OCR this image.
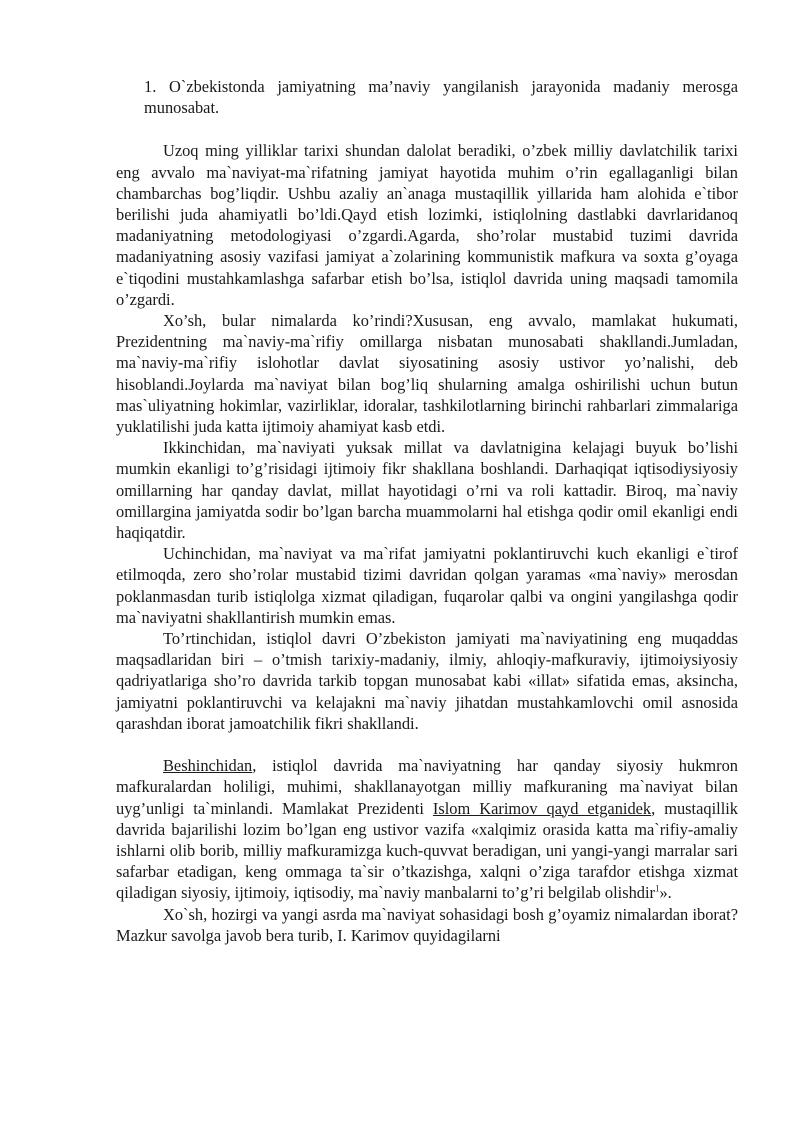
1. O`zbekistonda jamiyatning ma’naviy yangilanish jarayonida madaniy merosga munosabat.

Uzoq ming yilliklar tarixi shundan dalolat beradiki, o’zbek milliy davlatchilik tarixi eng avvalo ma`naviyat-ma`rifatning jamiyat hayotida muhim o’rin egallaganligi bilan chambarchas bog’liqdir. Ushbu azaliy an`anaga mustaqillik yillarida ham alohida e`tibor berilishi juda ahamiyatli bo’ldi.Qayd etish lozimki, istiqlolning dastlabki davrlaridanoq madaniyatning metodologiyasi o’zgardi.Agarda, sho’rolar mustabid tuzimi davrida madaniyatning asosiy vazifasi jamiyat a`zolarining kommunistik mafkura va soxta g’oyaga e`tiqodini mustahkamlashga safarbar etish bo’lsa, istiqlol davrida uning maqsadi tamomila o’zgardi.

Xo’sh, bular nimalarda ko’rindi?Xususan, eng avvalo, mamlakat hukumati, Prezidentning ma`naviy-ma`rifiy omillarga nisbatan munosabati shakllandi.Jumladan, ma`naviy-ma`rifiy islohotlar davlat siyosatining asosiy ustivor yo’nalishi, deb hisoblandi.Joylarda ma`naviyat bilan bog’liq shularning amalga oshirilishi uchun butun mas`uliyatning hokimlar, vazirliklar, idoralar, tashkilotlarning birinchi rahbarlari zimmalariga yuklatilishi juda katta ijtimoiy ahamiyat kasb etdi.

Ikkinchidan, ma`naviyati yuksak millat va davlatnigina kelajagi buyuk bo’lishi mumkin ekanligi to’g’risidagi ijtimoiy fikr shakllana boshlandi. Darhaqiqat iqtisodiysiyosiy omillarning har qanday davlat, millat hayotidagi o’rni va roli kattadir. Biroq, ma`naviy omillargina jamiyatda sodir bo’lgan barcha muammolarni hal etishga qodir omil ekanligi endi haqiqatdir.

Uchinchidan, ma`naviyat va ma`rifat jamiyatni poklantiruvchi kuch ekanligi e`tirof etilmoqda, zero sho’rolar mustabid tizimi davridan qolgan yaramas «ma`naviy» merosdan poklanmasdan turib istiqlolga xizmat qiladigan, fuqarolar qalbi va ongini yangilashga qodir ma`naviyatni shakllantirish mumkin emas.

To’rtinchidan, istiqlol davri O’zbekiston jamiyati ma`naviyatining eng muqaddas maqsadlaridan biri – o’tmish tarixiy-madaniy, ilmiy, ahloqiy-mafkuraviy, ijtimoiysiyosiy qadriyatlariga sho’ro davrida tarkib topgan munosabat kabi «illat» sifatida emas, aksincha, jamiyatni poklantiruvchi va kelajakni ma`naviy jihatdan mustahkamlovchi omil asnosida qarashdan iborat jamoatchilik fikri shakllandi.

Beshinchidan, istiqlol davrida ma`naviyatning har qanday siyosiy hukmron mafkuralardan holiligi, muhimi, shakllanayotgan milliy mafkuraning ma`naviyat bilan uyg’unligi ta`minlandi. Mamlakat Prezidenti Islom Karimov qayd etganidek, mustaqillik davrida bajarilishi lozim bo’lgan eng ustivor vazifa «xalqimiz orasida katta ma`rifiy-amaliy ishlarni olib borib, milliy mafkuramizga kuch-quvvat beradigan, uni yangi-yangi marralar sari safarbar etadigan, keng ommaga ta`sir o’tkazishga, xalqni o’ziga tarafdor etishga xizmat qiladigan siyosiy, ijtimoiy, iqtisodiy, ma`naviy manbalarni to’g’ri belgilab olishdir$^1$».

Xo`sh, hozirgi va yangi asrda ma`naviyat sohasidagi bosh g’oyamiz nimalardan iborat? Mazkur savolga javob bera turib, I. Karimov quyidagilarni
